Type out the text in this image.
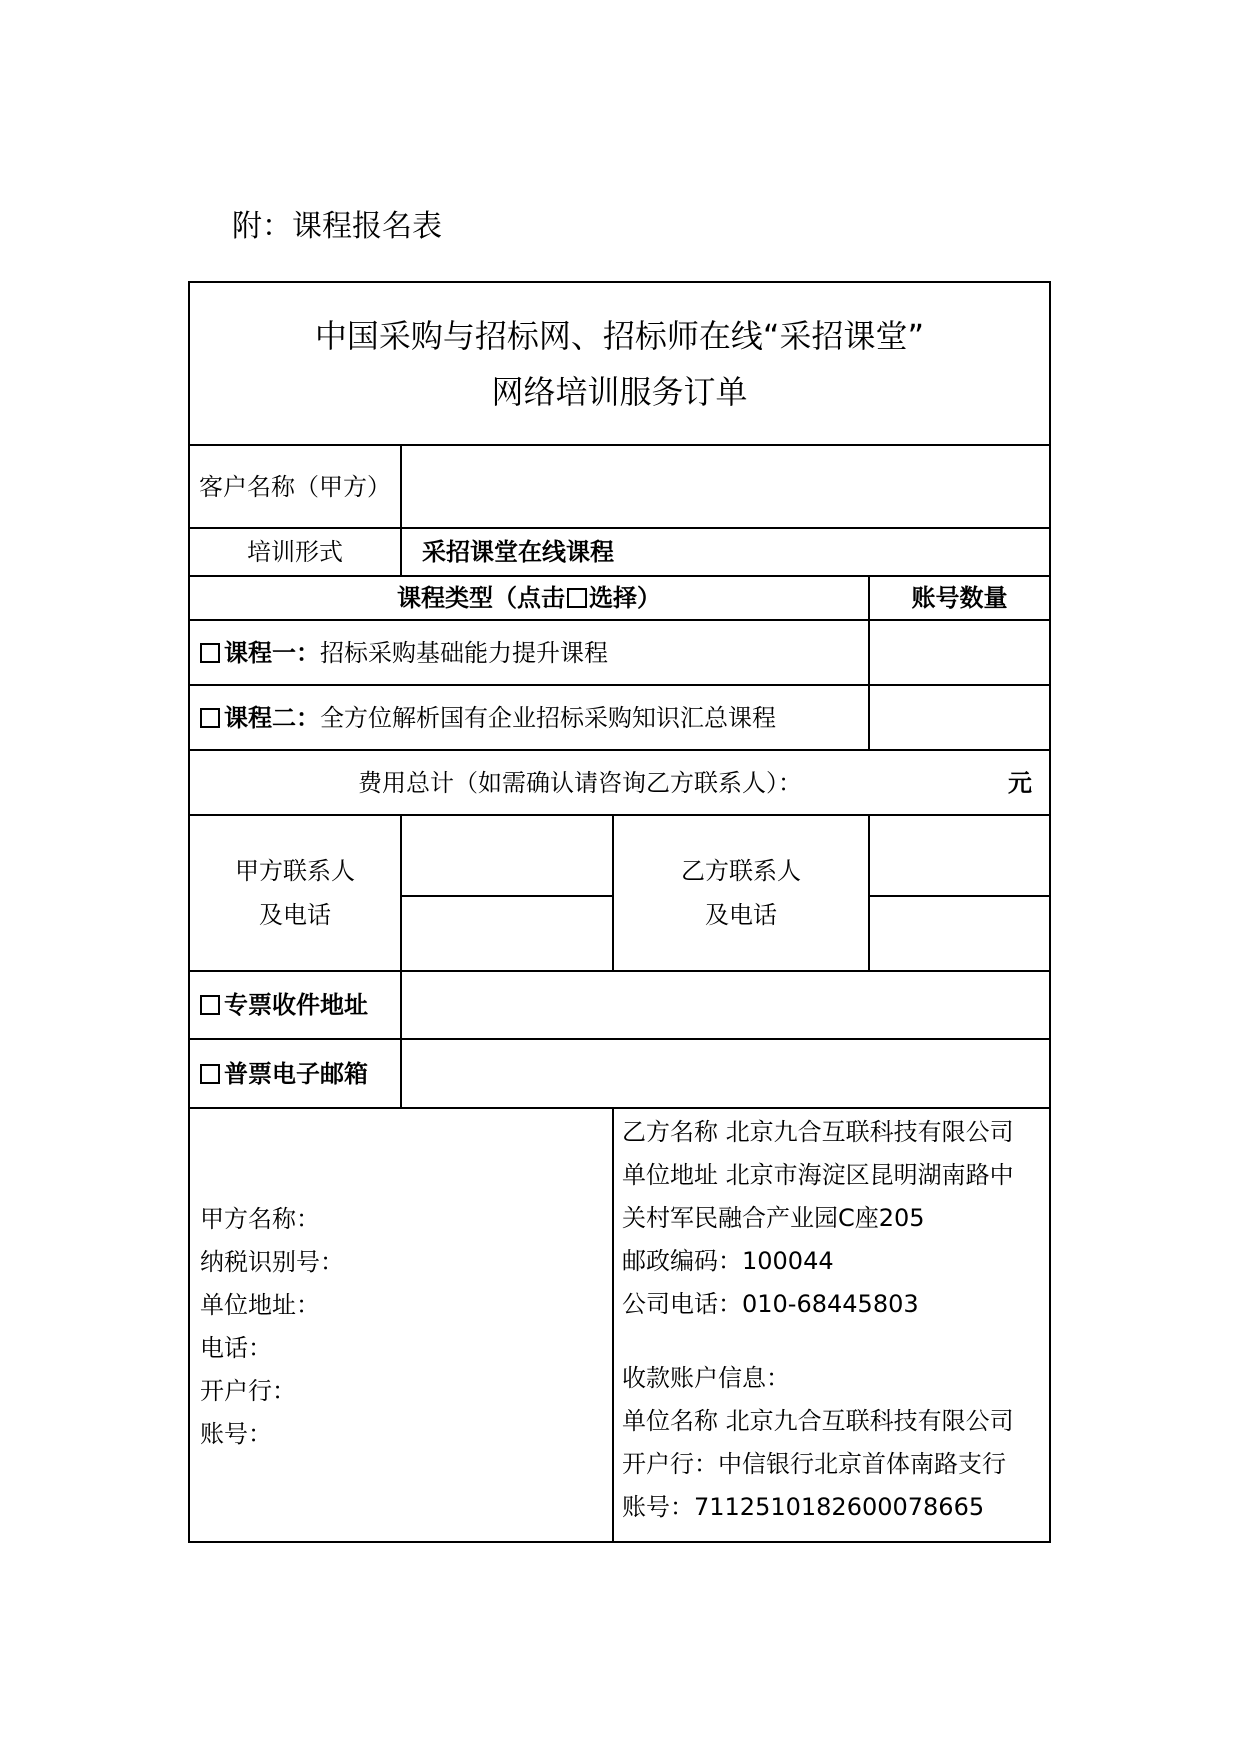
附：课程报名表
中国采购与招标网、招标师在线“采招课堂”
网络培训服务订单
客户名称（甲方）
培训形式	采招课堂在线课程
课程类型（点击 选择）	账号数量
课程一： 招标采购基础能力提升课程
课程二： 全方位解析国有企业招标采购知识汇总课程
费用总计（如需确认请咨询乙方联系人）：	元
甲方联系人
及电话
乙方联系人
及电话
专票收件地址
普票电子邮箱
甲方名称：
纳税识别号：
单位地址：
电话：
开户行：
账号：
乙方名称 北京九合互联科技有限公司
单位地址 北京市海淀区昆明湖南路中
关村军民融合产业园C座205
邮政编码：100044
公司电话：010-68445803
收款账户信息：
单位名称 北京九合互联科技有限公司
开户行：中信银行北京首体南路支行
账号：711251018260007866​5
